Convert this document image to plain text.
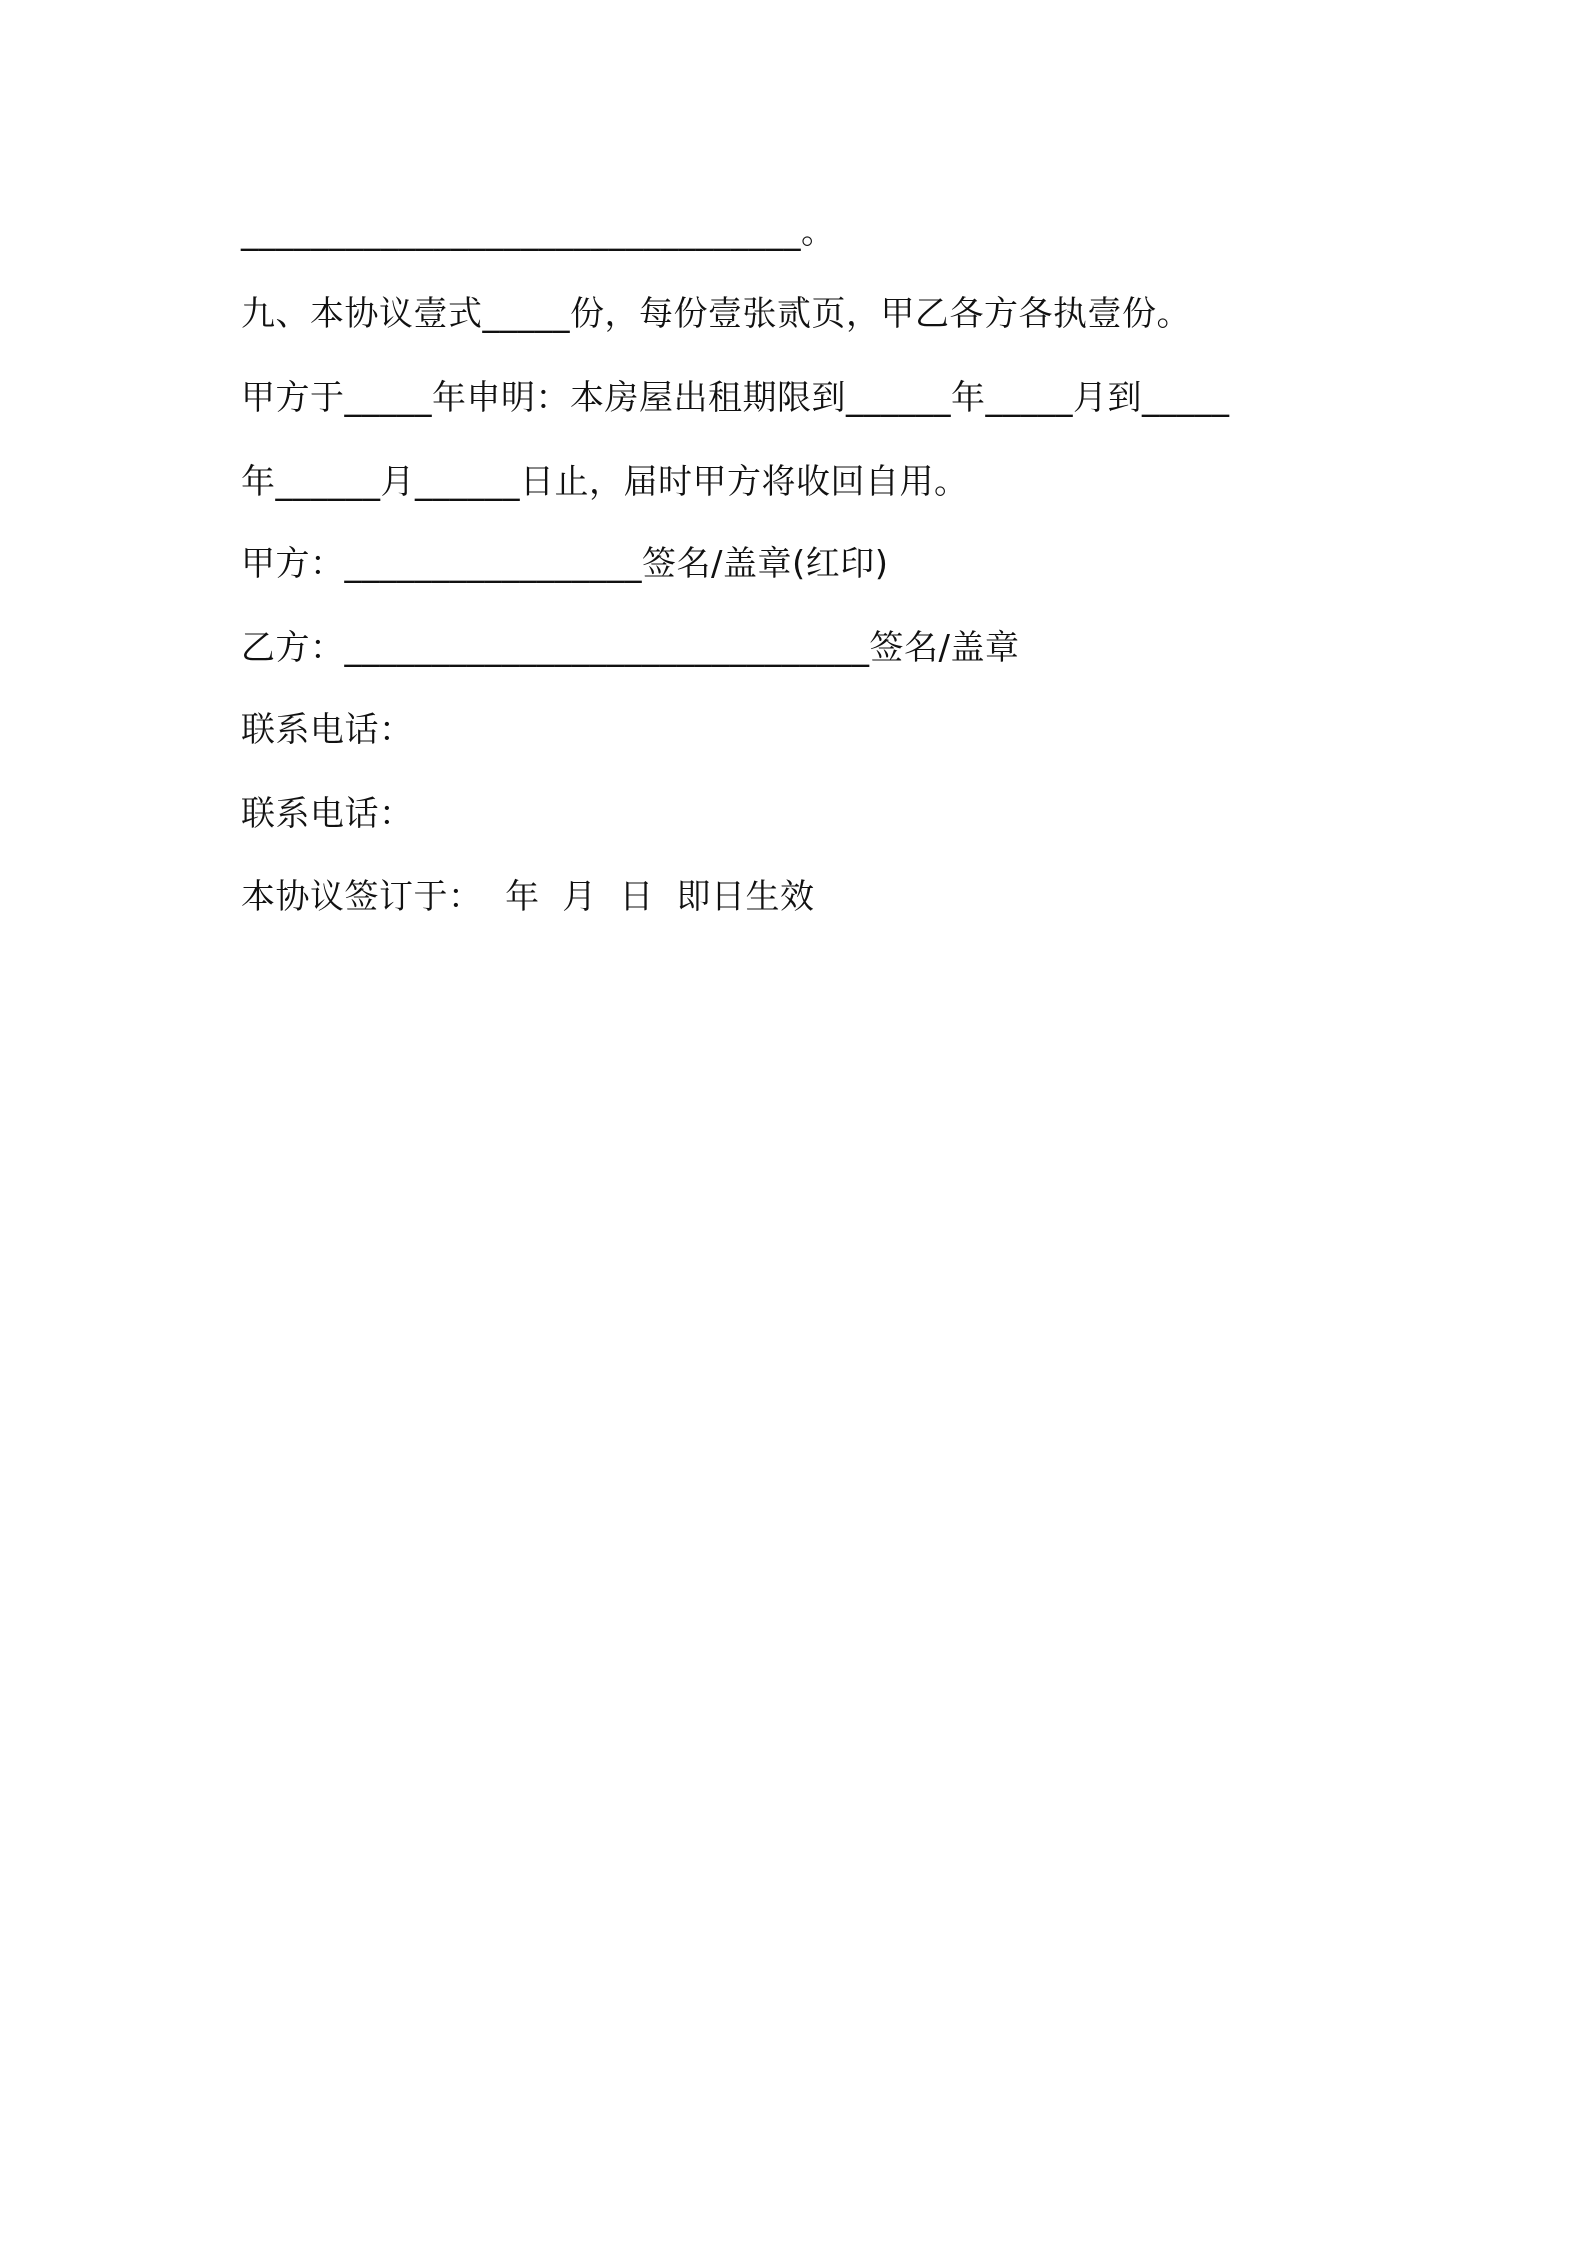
________________________________。
九、本协议壹式_____份，每份壹张贰页，甲乙各方各执壹份。
甲方于_____年申明：本房屋出租期限到______年_____月到_____
年______月______日止，届时甲方将收回自用。
甲方：_________________签名/盖章(红印)
乙方：______________________________签名/盖章
联系电话：
联系电话：
本协议签订于：  年  月  日  即日生效
